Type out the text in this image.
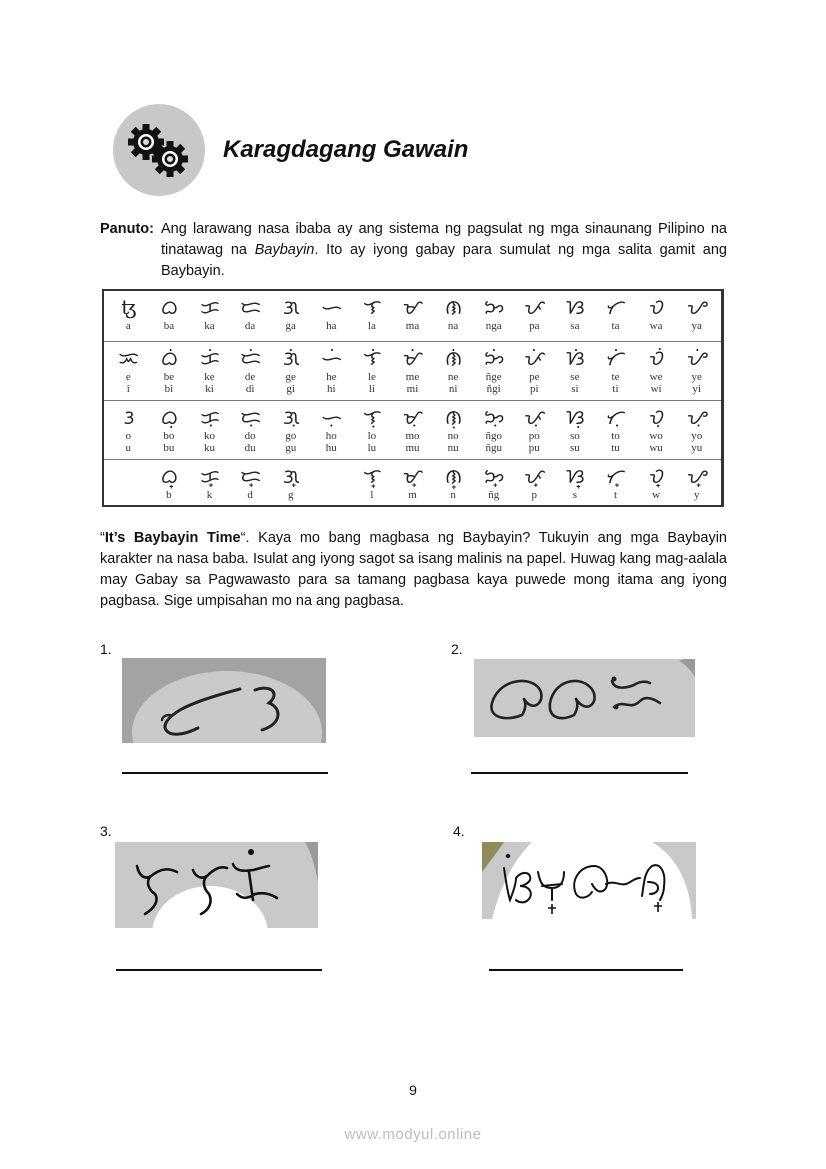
Karagdagang Gawain
Panuto: Ang larawang nasa ibaba ay ang sistema ng pagsulat ng mga sinaunang Pilipino na tinatawag na Baybayin. Ito ay iyong gabay para sumulat ng mga salita gamit ang Baybayin.
ꜩ
a
ᜊ
ba
ᜃ
ka
ᜇ
da
ᜄ
ga
ᜑ
ha
ᜎ
la
ᜋ
ma
ᜈ
na
ᜅ
nga
ᜉ
pa
ᜐ
sa
ᜆ
ta
ᜏ
wa
ᜌ
ya
ᜁ
e
i
ᜊᜒ
be
bi
ᜃᜒ
ke
ki
ᜇᜒ
de
di
ᜄᜒ
ge
gi
ᜑᜒ
he
hi
ᜎᜒ
le
li
ᜋᜒ
me
mi
ᜈᜒ
ne
ni
ᜅᜒ
ñge
ñgi
ᜉᜒ
pe
pi
ᜐᜒ
se
si
ᜆᜒ
te
ti
ᜏᜒ
we
wi
ᜌᜒ
ye
yi
ᜂ
o
u
ᜊᜓ
bo
bu
ᜃᜓ
ko
ku
ᜇᜓ
do
du
ᜄᜓ
go
gu
ᜑᜓ
ho
hu
ᜎᜓ
lo
lu
ᜋᜓ
mo
mu
ᜈᜓ
no
nu
ᜅᜓ
ñgo
ñgu
ᜉᜓ
po
pu
ᜐᜓ
so
su
ᜆᜓ
to
tu
ᜏᜓ
wo
wu
ᜌᜓ
yo
yu
ᜊ᜔
b
ᜃ᜔
k
ᜇ᜔
d
ᜄ᜔
g
ᜎ᜔
l
ᜋ᜔
m
ᜈ᜔
n
ᜅ᜔
ñg
ᜉ᜔
p
ᜐ᜔
s
ᜆ᜔
t
ᜏ᜔
w
ᜌ᜔
y
“It’s Baybayin Time“. Kaya mo bang magbasa ng Baybayin? Tukuyin ang mga Baybayin karakter na nasa baba. Isulat ang iyong sagot sa isang malinis na papel. Huwag kang mag-aalala may Gabay sa Pagwawasto para sa tamang pagbasa kaya puwede mong itama ang iyong pagbasa. Sige umpisahan mo na ang pagbasa.
1.	2.
3.	4.
9
www.modyul.online
